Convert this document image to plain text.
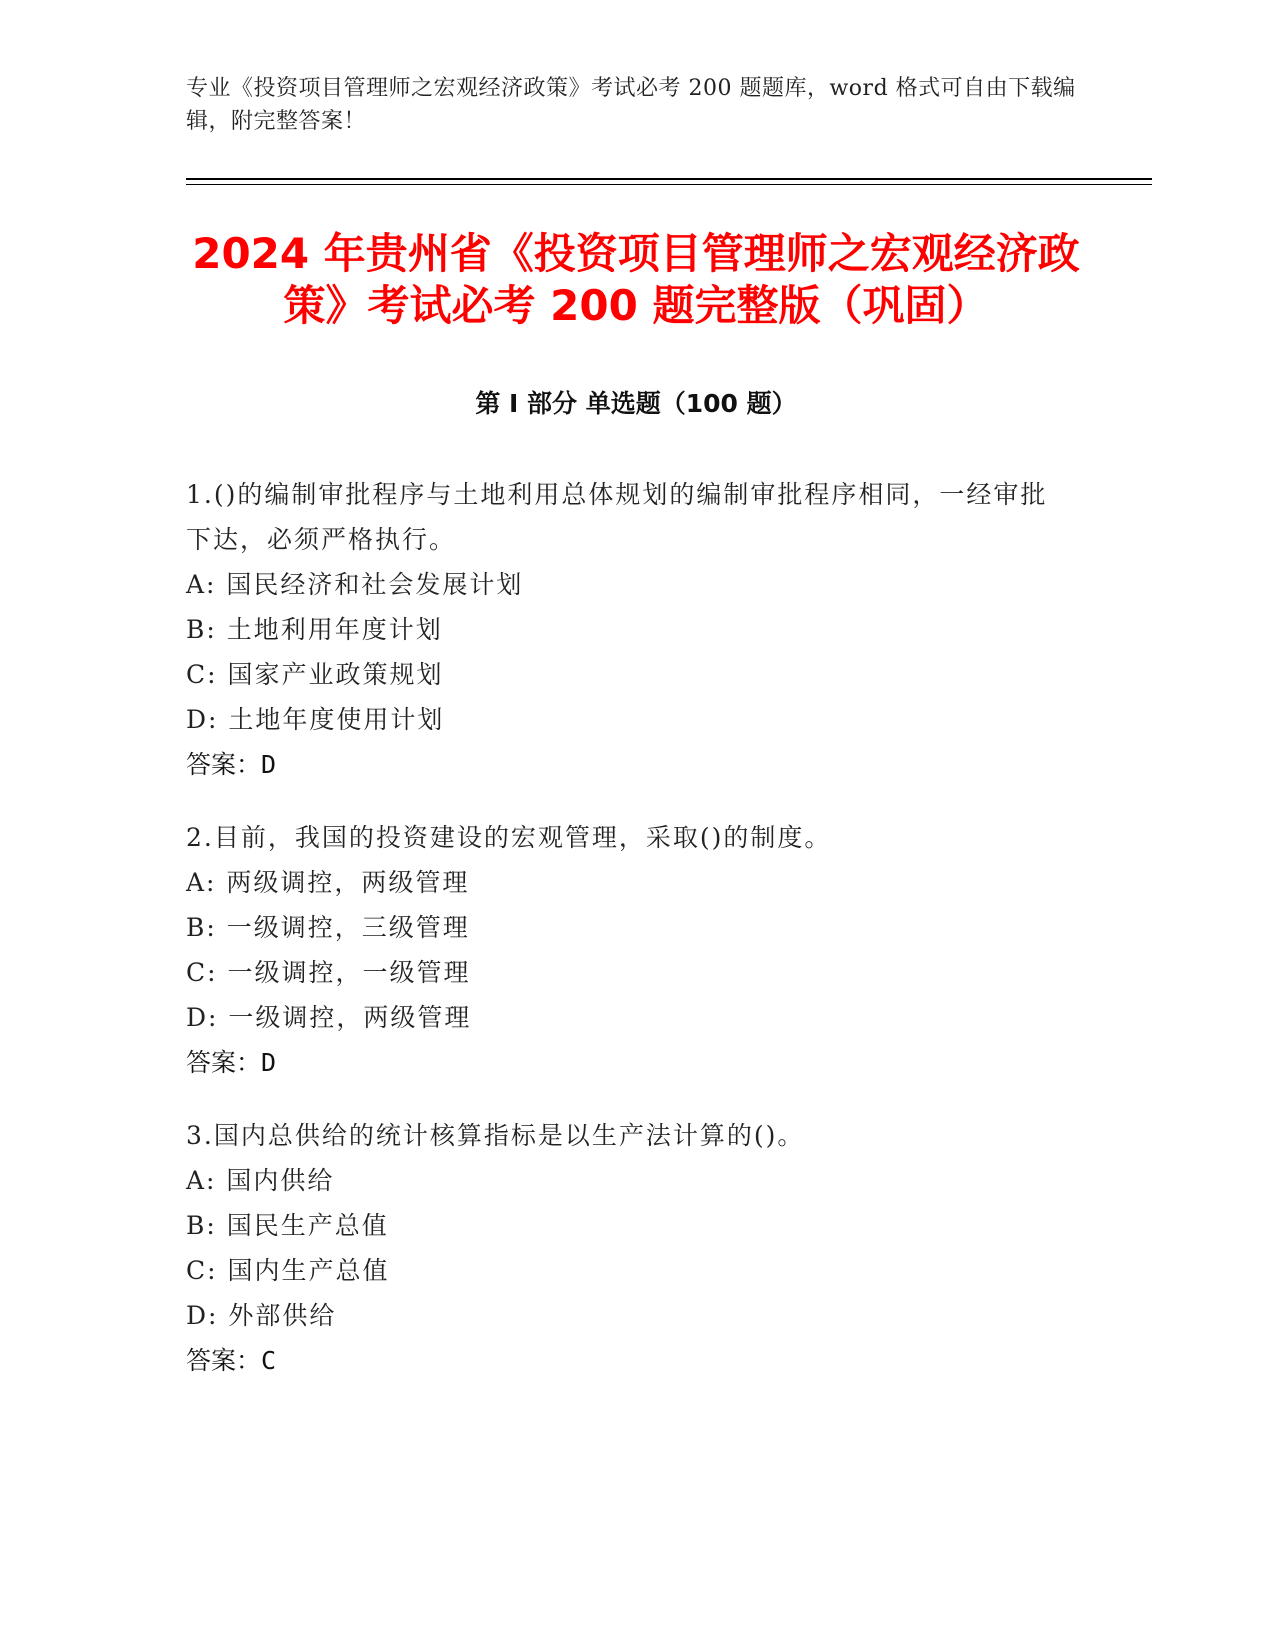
专业《投资项目管理师之宏观经济政策》考试必考 200 题题库，word 格式可自由下载编辑，附完整答案！
2024 年贵州省《投资项目管理师之宏观经济政策》考试必考 200 题完整版（巩固）
第 I 部分 单选题（100 题）
1.()的编制审批程序与土地利用总体规划的编制审批程序相同，一经审批下达，必须严格执行。
A: 国民经济和社会发展计划
B: 土地利用年度计划
C: 国家产业政策规划
D: 土地年度使用计划
答案：D
2.目前，我国的投资建设的宏观管理，采取()的制度。
A: 两级调控，两级管理
B: 一级调控，三级管理
C: 一级调控，一级管理
D: 一级调控，两级管理
答案：D
3.国内总供给的统计核算指标是以生产法计算的()。
A: 国内供给
B: 国民生产总值
C: 国内生产总值
D: 外部供给
答案：C
